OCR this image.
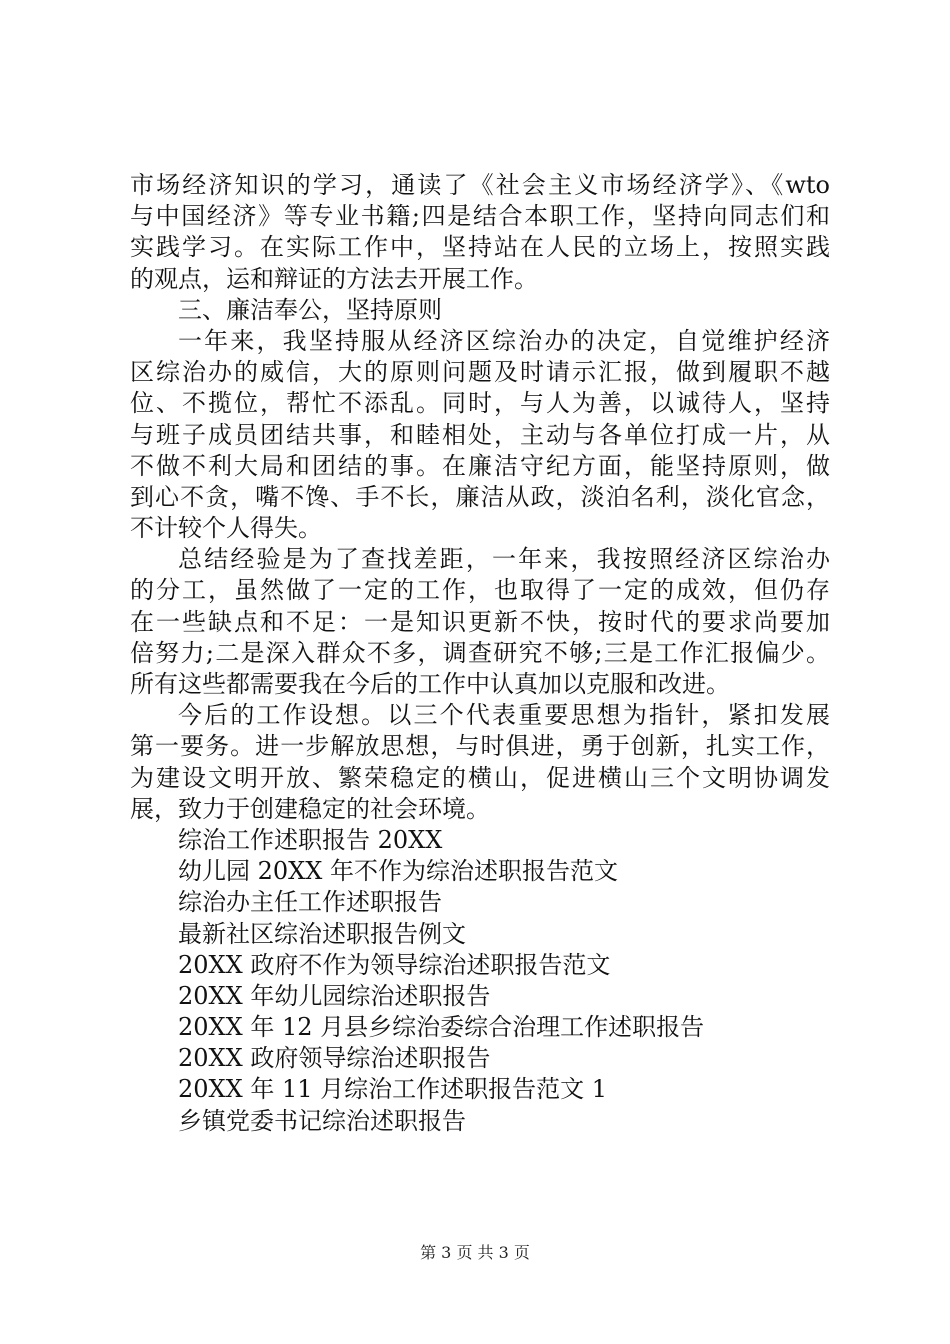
市场经济知识的学习，通读了《社会主义市场经济学》、《wto
与中国经济》等专业书籍;四是结合本职工作，坚持向同志们和
实践学习。在实际工作中，坚持站在人民的立场上，按照实践
的观点，运和辩证的方法去开展工作。
三、廉洁奉公，坚持原则
一年来，我坚持服从经济区综治办的决定，自觉维护经济
区综治办的威信，大的原则问题及时请示汇报，做到履职不越
位、不揽位，帮忙不添乱。同时，与人为善，以诚待人，坚持
与班子成员团结共事，和睦相处，主动与各单位打成一片，从
不做不利大局和团结的事。在廉洁守纪方面，能坚持原则，做
到心不贪，嘴不馋、手不长，廉洁从政，淡泊名利，淡化官念，
不计较个人得失。
总结经验是为了查找差距，一年来，我按照经济区综治办
的分工，虽然做了一定的工作，也取得了一定的成效，但仍存
在一些缺点和不足：一是知识更新不快，按时代的要求尚要加
倍努力;二是深入群众不多，调查研究不够;三是工作汇报偏少。
所有这些都需要我在今后的工作中认真加以克服和改进。
今后的工作设想。以三个代表重要思想为指针，紧扣发展
第一要务。进一步解放思想，与时俱进，勇于创新，扎实工作，
为建设文明开放、繁荣稳定的横山，促进横山三个文明协调发
展，致力于创建稳定的社会环境。
综治工作述职报告 20XX
幼儿园 20XX 年不作为综治述职报告范文
综治办主任工作述职报告
最新社区综治述职报告例文
20XX 政府不作为领导综治述职报告范文
20XX 年幼儿园综治述职报告
20XX 年 12 月县乡综治委综合治理工作述职报告
20XX 政府领导综治述职报告
20XX 年 11 月综治工作述职报告范文 1
乡镇党委书记综治述职报告
第 3 页 共 3 页
